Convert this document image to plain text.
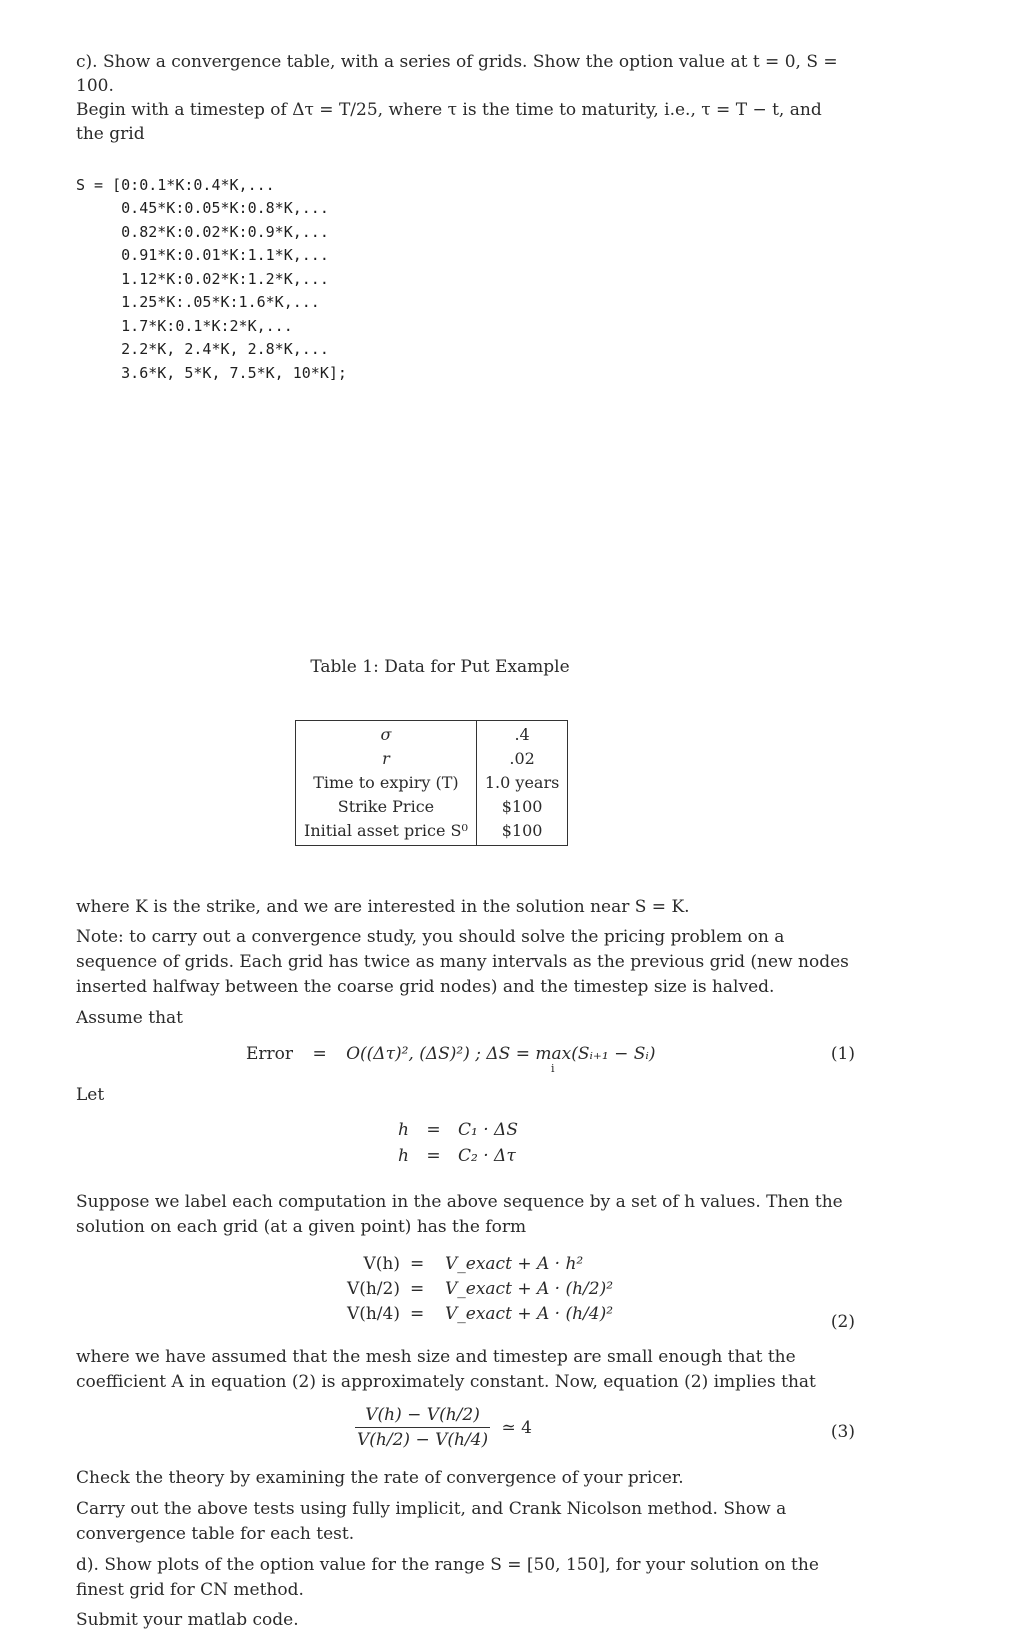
c). Show a convergence table, with a series of grids. Show the option value at t = 0, S = 100.
Begin with a timestep of Δτ = T/25, where τ is the time to maturity, i.e., τ = T − t, and
the grid

S = [0:0.1*K:0.4*K,...
0.45*K:0.05*K:0.8*K,...
0.82*K:0.02*K:0.9*K,...
0.91*K:0.01*K:1.1*K,...
1.12*K:0.02*K:1.2*K,...
1.25*K:.05*K:1.6*K,...
1.7*K:0.1*K:2*K,...
2.2*K, 2.4*K, 2.8*K,...
3.6*K, 5*K, 7.5*K, 10*K];
Table 1: Data for Put Example
σ	.4
r	.02
Time to expiry (T)	1.0 years
Strike Price	$100
Initial asset price S⁰	$100
where K is the strike, and we are interested in the solution near S = K.
Note: to carry out a convergence study, you should solve the pricing problem on a sequence of grids. Each grid has twice as many intervals as the previous grid (new nodes inserted halfway between the coarse grid nodes) and the timestep size is halved.
Assume that
Error = O((Δτ)², (ΔS)²) ; ΔS = max(Sᵢ₊₁ − Sᵢ)
i
(1)
Let
h = C₁ · ΔS
h = C₂ · Δτ
Suppose we label each computation in the above sequence by a set of h values. Then the solution on each grid (at a given point) has the form
V(h) = V_exact + A · h²
V(h/2) = V_exact + A · (h/2)²
V(h/4) = V_exact + A · (h/4)²	(2)
where we have assumed that the mesh size and timestep are small enough that the coefficient A in equation (2) is approximately constant. Now, equation (2) implies that
$\frac{V(h) - V(h/2)}{V(h/2) - V(h/4)}$ ≃ 4	(3)
Check the theory by examining the rate of convergence of your pricer.
Carry out the above tests using fully implicit, and Crank Nicolson method. Show a convergence table for each test.
d). Show plots of the option value for the range S = [50, 150], for your solution on the finest grid for CN method.
Submit your matlab code.
